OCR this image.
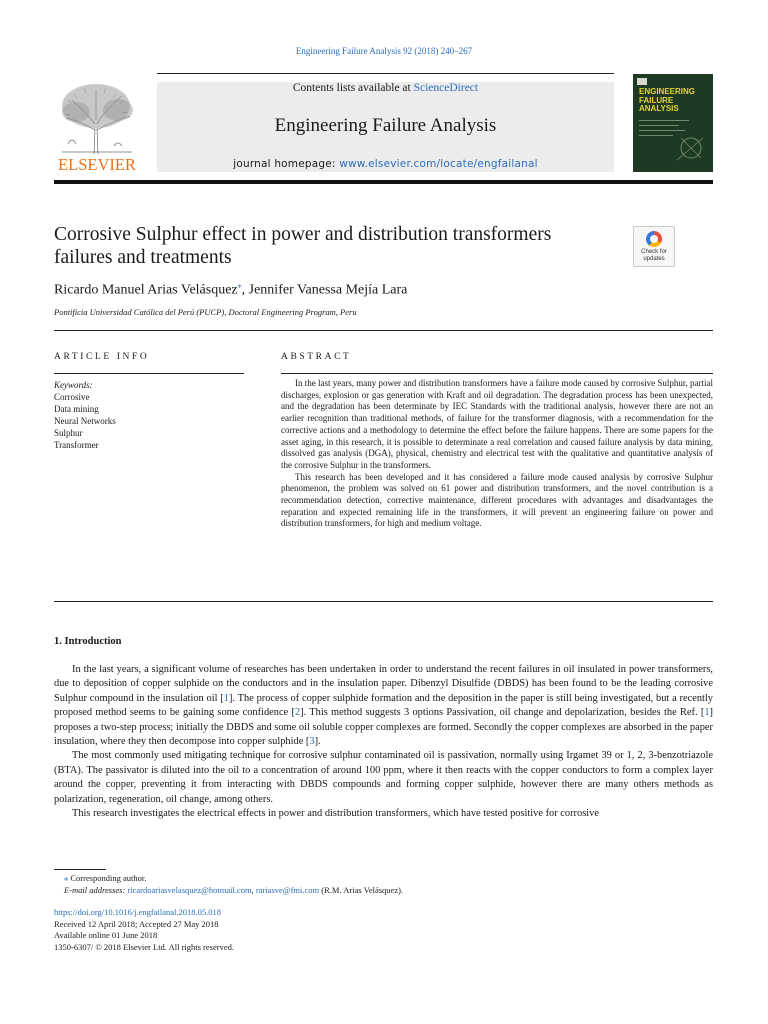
Engineering Failure Analysis 92 (2018) 240–267
ELSEVIER
Contents lists available at ScienceDirect
Engineering Failure Analysis
journal homepage: www.elsevier.com/locate/engfailanal
ENGINEERING FAILURE ANALYSIS
Corrosive Sulphur effect in power and distribution transformers failures and treatments	Check for updates
Ricardo Manuel Arias Velásquez⁎, Jennifer Vanessa Mejía Lara
Pontificia Universidad Católica del Perú (PUCP), Doctoral Engineering Program, Peru
ARTICLE INFO	ABSTRACT
Keywords:
Corrosive
Data mining
Neural Networks
Sulphur
Transformer

In the last years, many power and distribution transformers have a failure mode caused by corrosive Sulphur, partial discharges, explosion or gas generation with Kraft and oil degradation. The degradation process has been unexpected, and the degradation has been determinate by IEC Standards with the traditional analysis, however there are not an earlier recognition than traditional methods, of failure for the transformer diagnosis, with a recommendation for the corrective actions and a methodology to determine the effect before the failure happens. There are some papers for the asset aging, in this research, it is possible to determinate a real correlation and caused failure analysis by data mining, dissolved gas analysis (DGA), physical, chemistry and electrical test with the qualitative and quantitative analysis of the corrosive Sulphur in the transformers.

This research has been developed and it has considered a failure mode caused analysis by corrosive Sulphur phenomenon, the problem was solved on 61 power and distribution transformers, and the novel contribution is a recommendation detection, corrective maintenance, different procedures with advantages and disadvantages the reparation and expected remaining life in the transformers, it will prevent an engineering failure on power and distribution transformers, for high and medium voltage.

1. Introduction

In the last years, a significant volume of researches has been undertaken in order to understand the recent failures in oil insulated in power transformers, due to deposition of copper sulphide on the conductors and in the insulation paper. Dibenzyl Disulfide (DBDS) has been found to be the leading corrosive Sulphur compound in the insulation oil [1]. The process of copper sulphide formation and the deposition in the paper is still being investigated, but a recently proposed method seems to be gaining some confidence [2]. This method suggests 3 options Passivation, oil change and depolarization, besides the Ref. [1] proposes a two-step process; initially the DBDS and some oil soluble copper complexes are formed. Secondly the copper complexes are absorbed in the paper insulation, where they then decompose into copper sulphide [3].

The most commonly used mitigating technique for corrosive sulphur contaminated oil is passivation, normally using Irgamet 39 or 1, 2, 3-benzotriazole (BTA). The passivator is diluted into the oil to a concentration of around 100 ppm, where it then reacts with the copper conductors to form a complex layer around the copper, preventing it from interacting with DBDS compounds and forming copper sulphide, however there are many others methods as polarization, regeneration, oil change, among others.

This research investigates the electrical effects in power and distribution transformers, which have tested positive for corrosive

⁎ Corresponding author.
E-mail addresses: ricardoariasvelasquez@hotmail.com, rariasve@fmi.com (R.M. Arias Velásquez).
https://doi.org/10.1016/j.engfailanal.2018.05.018
Received 12 April 2018; Accepted 27 May 2018
Available online 01 June 2018
1350-6307/ © 2018 Elsevier Ltd. All rights reserved.
